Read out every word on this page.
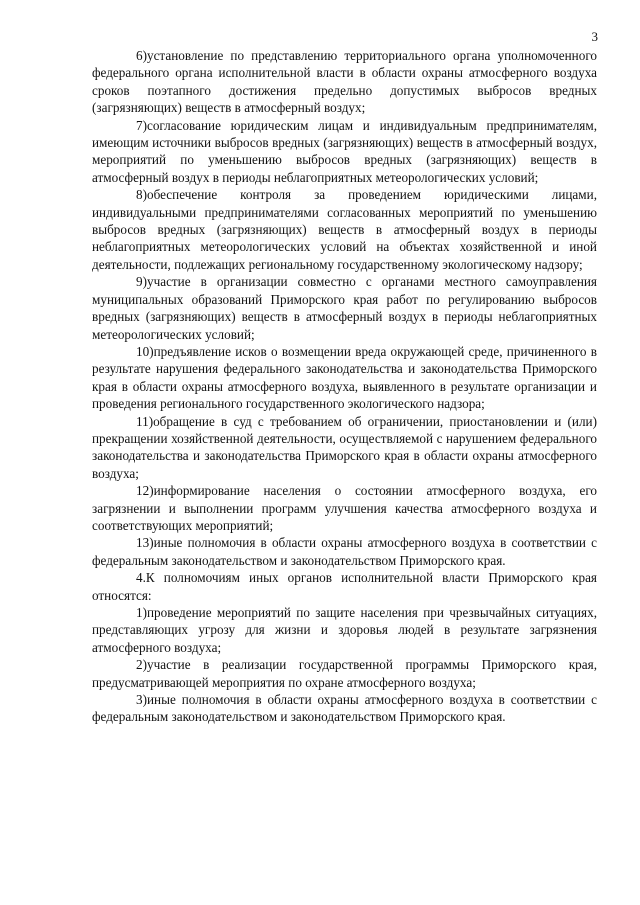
3

6)установление по представлению территориального органа уполномоченного федерального органа исполнительной власти в области охраны атмосферного воздуха сроков поэтапного достижения предельно допустимых выбросов вредных (загрязняющих) веществ в атмосферный воздух;

7)согласование юридическим лицам и индивидуальным предпринимателям, имеющим источники выбросов вредных (загрязняющих) веществ в атмосферный воздух, мероприятий по уменьшению выбросов вредных (загрязняющих) веществ в атмосферный воздух в периоды неблагоприятных метеорологических условий;

8)обеспечение контроля за проведением юридическими лицами, индивидуальными предпринимателями согласованных мероприятий по уменьшению выбросов вредных (загрязняющих) веществ в атмосферный воздух в периоды неблагоприятных метеорологических условий на объектах хозяйственной и иной деятельности, подлежащих региональному государственному экологическому надзору;

9)участие в организации совместно с органами местного самоуправления муниципальных образований Приморского края работ по регулированию выбросов вредных (загрязняющих) веществ в атмосферный воздух в периоды неблагоприятных метеорологических условий;

10)предъявление исков о возмещении вреда окружающей среде, причиненного в результате нарушения федерального законодательства и законодательства Приморского края в области охраны атмосферного воздуха, выявленного в результате организации и проведения регионального государственного экологического надзора;

11)обращение в суд с требованием об ограничении, приостановлении и (или) прекращении хозяйственной деятельности, осуществляемой с нарушением федерального законодательства и законодательства Приморского края в области охраны атмосферного воздуха;

12)информирование населения о состоянии атмосферного воздуха, его загрязнении и выполнении программ улучшения качества атмосферного воздуха и соответствующих мероприятий;

13)иные полномочия в области охраны атмосферного воздуха в соответствии с федеральным законодательством и законодательством Приморского края.

4.К полномочиям иных органов исполнительной власти Приморского края относятся:

1)проведение мероприятий по защите населения при чрезвычайных ситуациях, представляющих угрозу для жизни и здоровья людей в результате загрязнения атмосферного воздуха;

2)участие в реализации государственной программы Приморского края, предусматривающей мероприятия по охране атмосферного воздуха;

3)иные полномочия в области охраны атмосферного воздуха в соответствии с федеральным законодательством и законодательством Приморского края.
